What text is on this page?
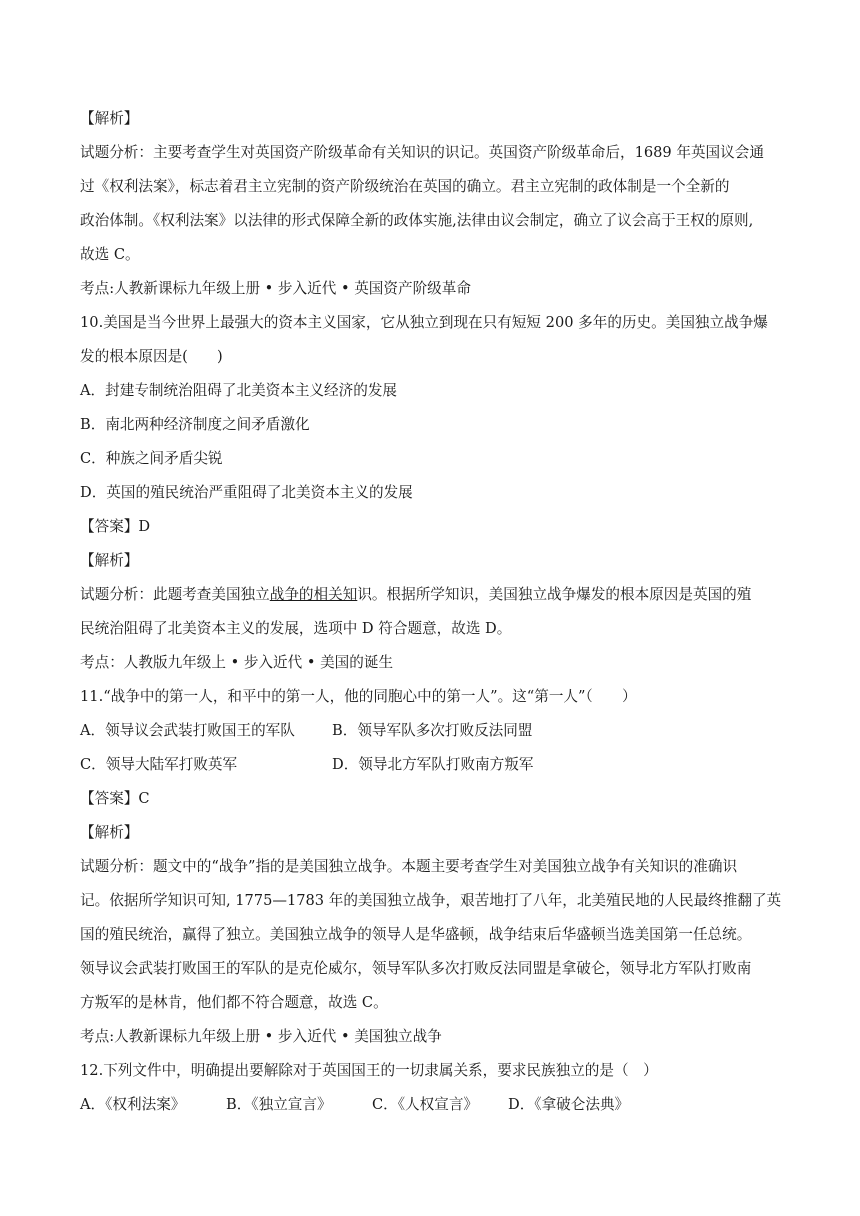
【解析】
试题分析：主要考查学生对英国资产阶级革命有关知识的识记。英国资产阶级革命后，1689 年英国议会通
过《权利法案》，标志着君主立宪制的资产阶级统治在英国的确立。君主立宪制的政体制是一个全新的
政治体制。《权利法案》以法律的形式保障全新的政体实施,法律由议会制定，确立了议会高于王权的原则,
故选 C。
考点:人教新课标九年级上册 • 步入近代 • 英国资产阶级革命
10.美国是当今世界上最强大的资本主义国家，它从独立到现在只有短短 200 多年的历史。美国独立战争爆
发的根本原因是(　　)
A．封建专制统治阻碍了北美资本主义经济的发展
B．南北两种经济制度之间矛盾激化
C．种族之间矛盾尖锐
D．英国的殖民统治严重阻碍了北美资本主义的发展
【答案】D
【解析】
试题分析：此题考查美国独立战争的相关知识。根据所学知识，美国独立战争爆发的根本原因是英国的殖
民统治阻碍了北美资本主义的发展，选项中 D 符合题意，故选 D。
考点：人教版九年级上 • 步入近代 • 美国的诞生
11.“战争中的第一人，和平中的第一人，他的同胞心中的第一人”。这“第一人”（　　）
A．领导议会武装打败国王的军队	B．领导军队多次打败反法同盟
C．领导大陆军打败英军	D．领导北方军队打败南方叛军
【答案】C
【解析】
试题分析：题文中的“战争”指的是美国独立战争。本题主要考查学生对美国独立战争有关知识的准确识
记。依据所学知识可知, 1775—1783 年的美国独立战争，艰苦地打了八年，北美殖民地的人民最终推翻了英
国的殖民统治，赢得了独立。美国独立战争的领导人是华盛顿，战争结束后华盛顿当选美国第一任总统。
领导议会武装打败国王的军队的是克伦威尔，领导军队多次打败反法同盟是拿破仑，领导北方军队打败南
方叛军的是林肯，他们都不符合题意，故选 C。
考点:人教新课标九年级上册 • 步入近代 • 美国独立战争
12.下列文件中，明确提出要解除对于英国国王的一切隶属关系，要求民族独立的是（　）
A．《权利法案》	B．《独立宣言》	C．《人权宣言》 D．《拿破仑法典》
